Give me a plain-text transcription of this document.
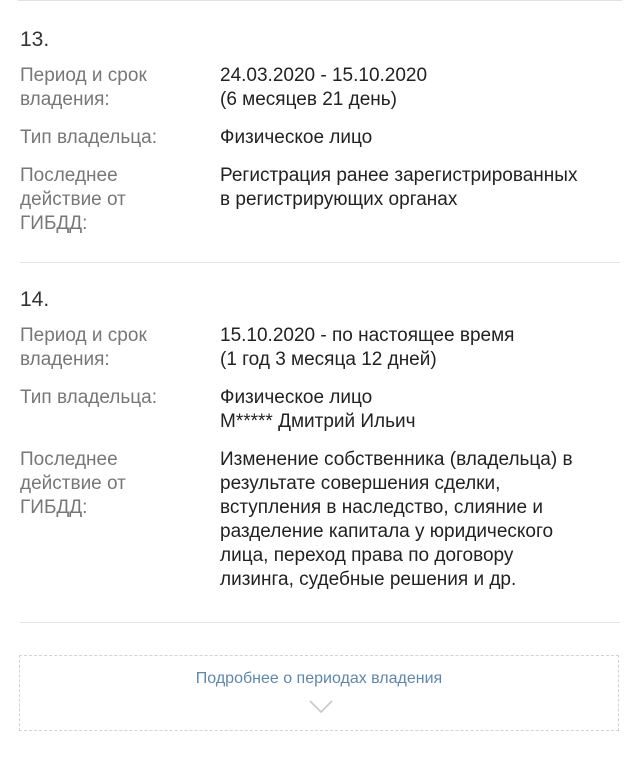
13.
Период и срок
владения:
24.03.2020 - 15.10.2020
(6 месяцев 21 день)
Тип владельца:	Физическое лицо
Последнее
действие от
ГИБДД:
Регистрация ранее зарегистрированных
в регистрирующих органах
14.
Период и срок
владения:
15.10.2020 - по настоящее время
(1 год 3 месяца 12 дней)
Тип владельца:	Физическое лицо
М***** Дмитрий Ильич
Последнее
действие от
ГИБДД:
Изменение собственника (владельца) в
результате совершения сделки,
вступления в наследство, слияние и
разделение капитала у юридического
лица, переход права по договору
лизинга, судебные решения и др.
Подробнее о периодах владения
